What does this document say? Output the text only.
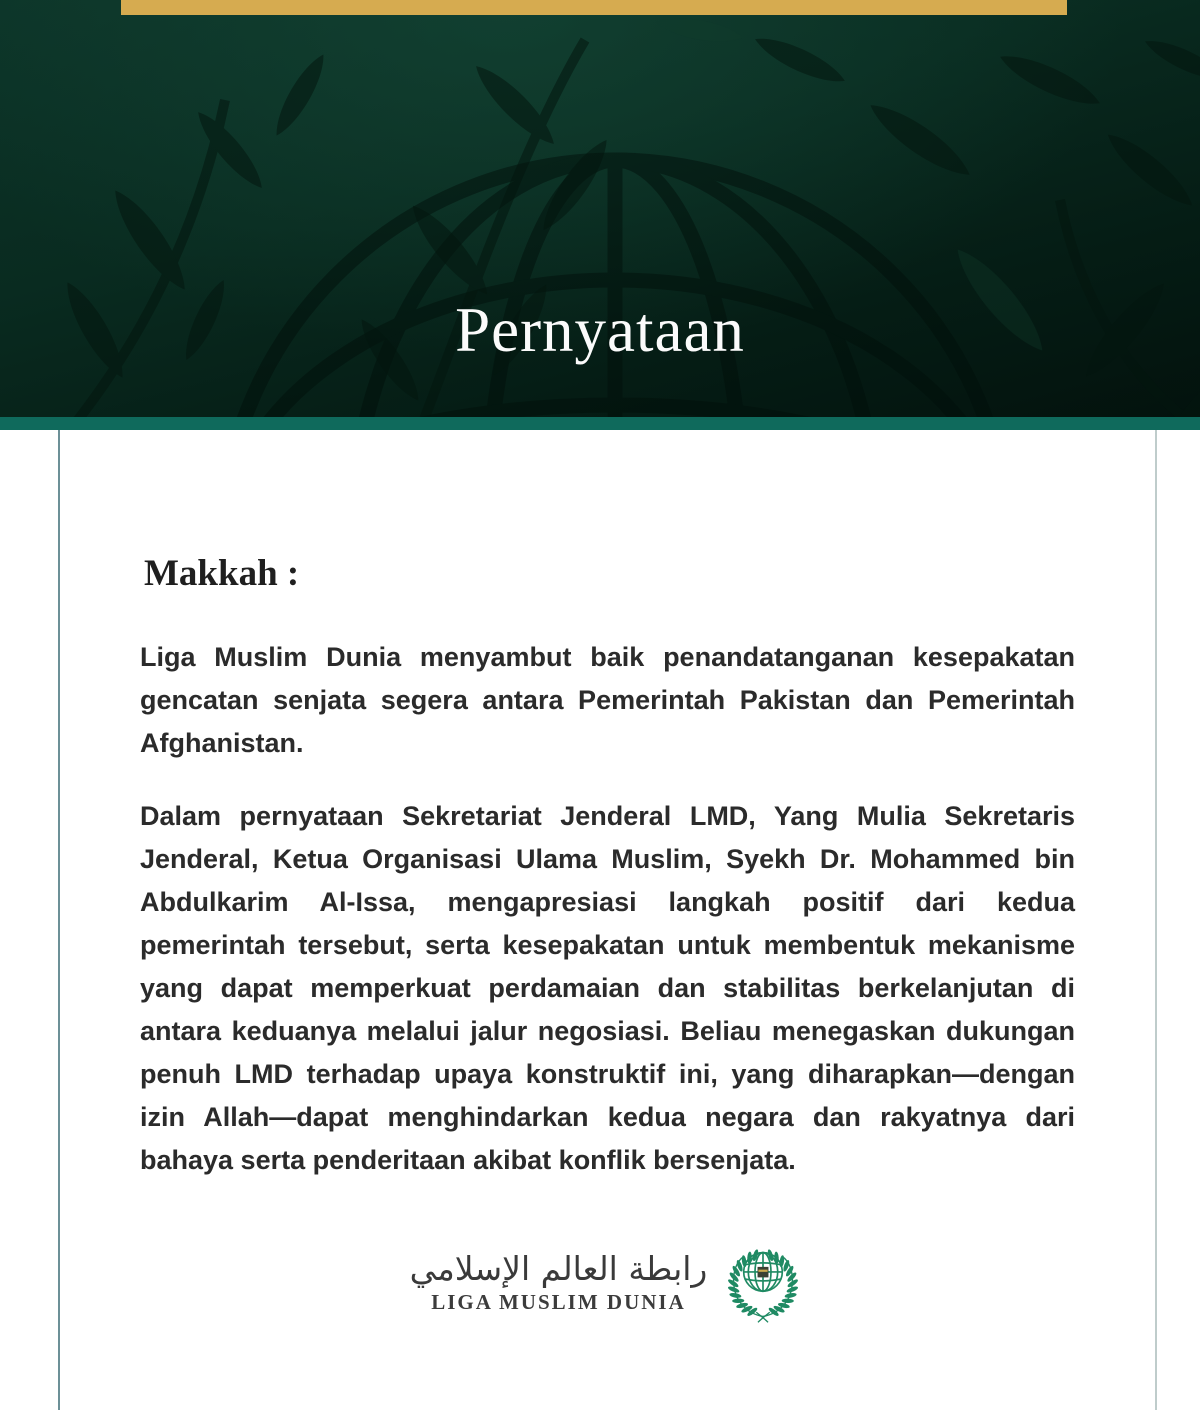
Pernyataan
Makkah :
Liga Muslim Dunia menyambut baik penandatanganan kesepakatan
gencatan senjata segera antara Pemerintah Pakistan dan Pemerintah
Afghanistan.
Dalam pernyataan Sekretariat Jenderal LMD, Yang Mulia Sekretaris
Jenderal, Ketua Organisasi Ulama Muslim, Syekh Dr. Mohammed bin
Abdulkarim Al-Issa, mengapresiasi langkah positif dari kedua
pemerintah tersebut, serta kesepakatan untuk membentuk mekanisme
yang dapat memperkuat perdamaian dan stabilitas berkelanjutan di
antara keduanya melalui jalur negosiasi. Beliau menegaskan dukungan
penuh LMD terhadap upaya konstruktif ini, yang diharapkan—dengan
izin Allah—dapat menghindarkan kedua negara dan rakyatnya dari
bahaya serta penderitaan akibat konflik bersenjata.
رابطة العالم الإسلامي
LIGA MUSLIM DUNIA
